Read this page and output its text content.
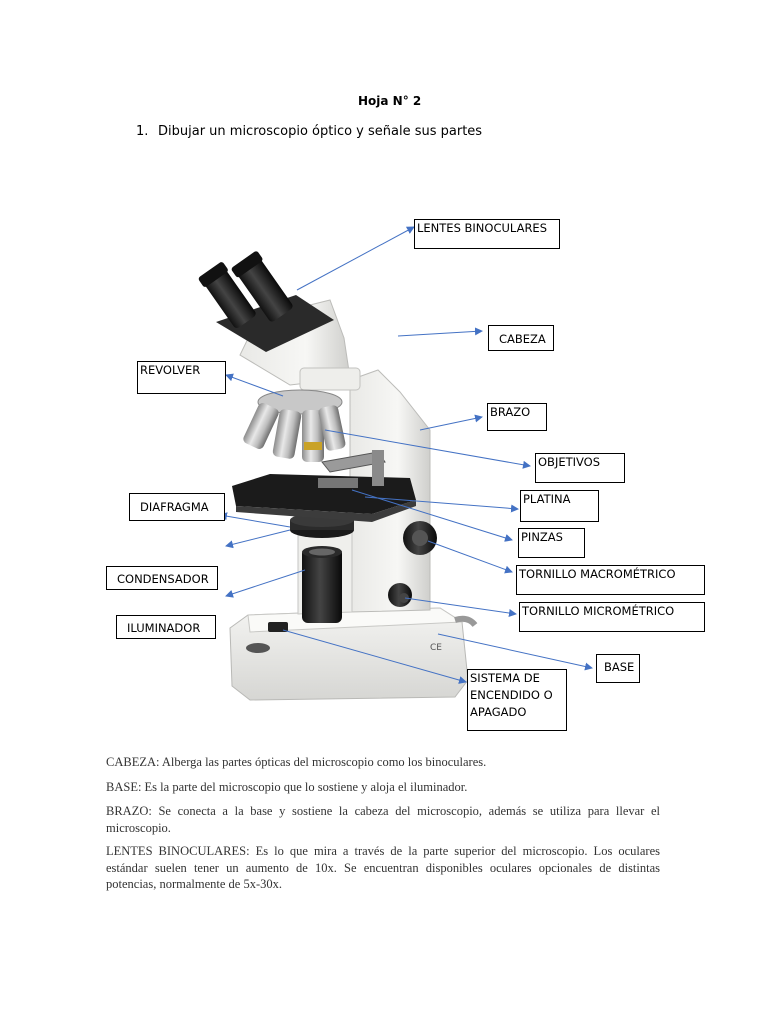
Hoja N° 2
1. Dibujar un microscopio óptico y señale sus partes
CE
LENTES BINOCULARES
CABEZA
REVOLVER
BRAZO
OBJETIVOS
PLATINA
DIAFRAGMA
PINZAS
TORNILLO MACROMÉTRICO
CONDENSADOR
TORNILLO MICROMÉTRICO
ILUMINADOR
BASE
SISTEMA DE
ENCENDIDO O
APAGADO
CABEZA: Alberga las partes ópticas del microscopio como los binoculares.
BASE: Es la parte del microscopio que lo sostiene y aloja el iluminador.
BRAZO: Se conecta a la base y sostiene la cabeza del microscopio, además se utiliza para llevar el microscopio.
LENTES BINOCULARES: Es lo que mira a través de la parte superior del microscopio. Los oculares estándar suelen tener un aumento de 10x. Se encuentran disponibles oculares opcionales de distintas potencias, normalmente de 5x-30x.
